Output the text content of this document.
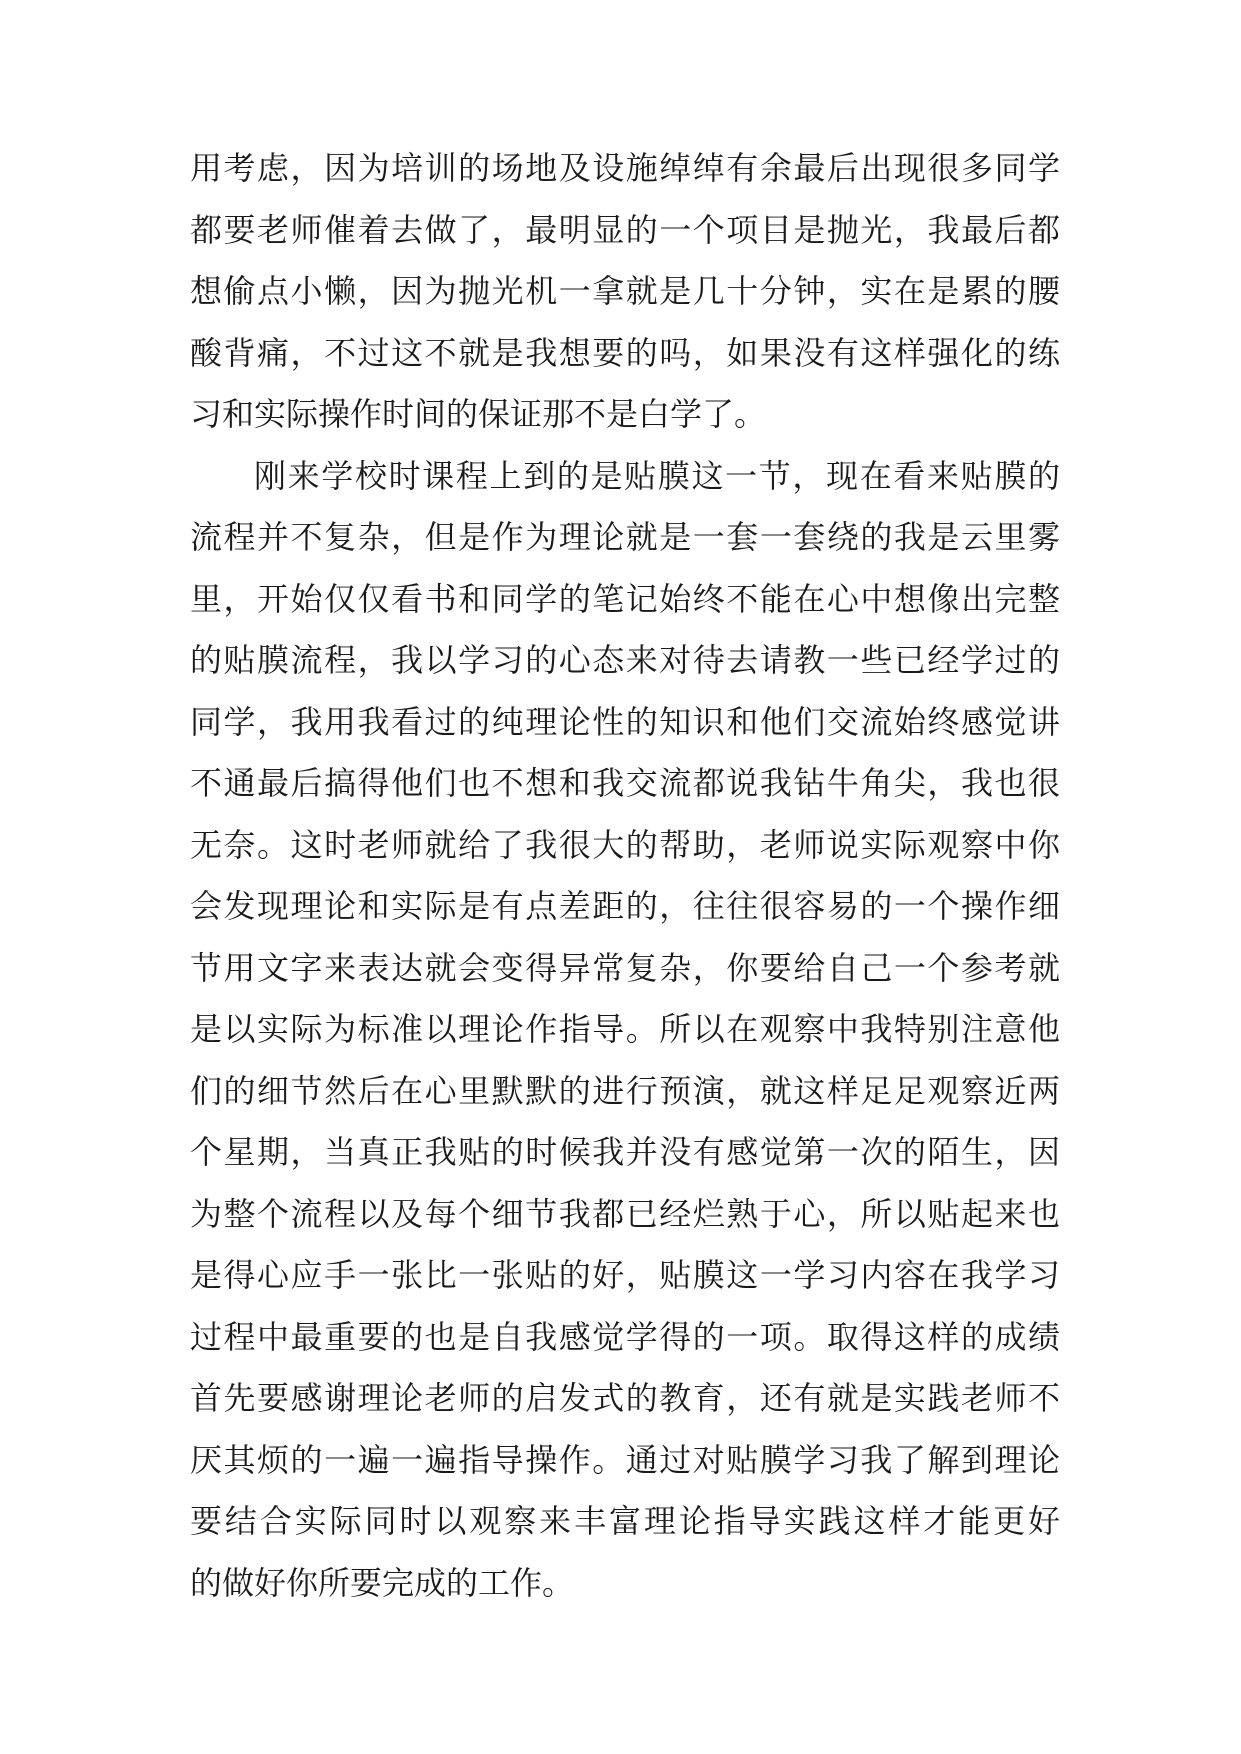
用考虑，因为培训的场地及设施绰绰有余最后出现很多同学
都要老师催着去做了，最明显的一个项目是抛光，我最后都
想偷点小懒，因为抛光机一拿就是几十分钟，实在是累的腰
酸背痛，不过这不就是我想要的吗，如果没有这样强化的练
习和实际操作时间的保证那不是白学了。
刚来学校时课程上到的是贴膜这一节，现在看来贴膜的
流程并不复杂，但是作为理论就是一套一套绕的我是云里雾
里，开始仅仅看书和同学的笔记始终不能在心中想像出完整
的贴膜流程，我以学习的心态来对待去请教一些已经学过的
同学，我用我看过的纯理论性的知识和他们交流始终感觉讲
不通最后搞得他们也不想和我交流都说我钻牛角尖，我也很
无奈。这时老师就给了我很大的帮助，老师说实际观察中你
会发现理论和实际是有点差距的，往往很容易的一个操作细
节用文字来表达就会变得异常复杂，你要给自己一个参考就
是以实际为标准以理论作指导。所以在观察中我特别注意他
们的细节然后在心里默默的进行预演，就这样足足观察近两
个星期，当真正我贴的时候我并没有感觉第一次的陌生，因
为整个流程以及每个细节我都已经烂熟于心，所以贴起来也
是得心应手一张比一张贴的好，贴膜这一学习内容在我学习
过程中最重要的也是自我感觉学得的一项。取得这样的成绩
首先要感谢理论老师的启发式的教育，还有就是实践老师不
厌其烦的一遍一遍指导操作。通过对贴膜学习我了解到理论
要结合实际同时以观察来丰富理论指导实践这样才能更好
的做好你所要完成的工作。
